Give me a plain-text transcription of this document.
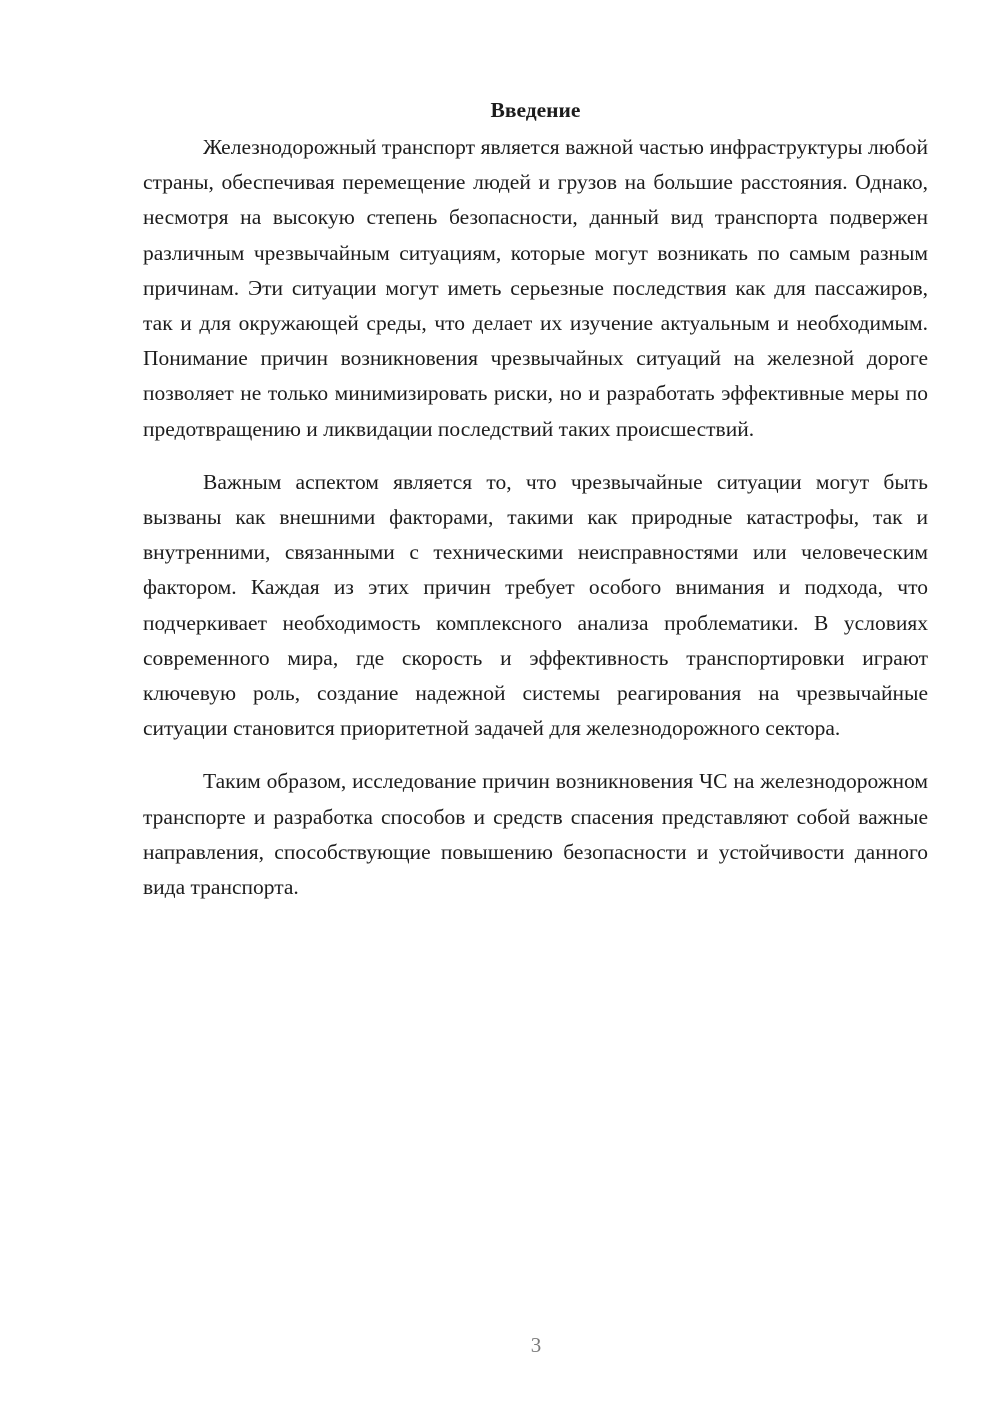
Введение

Железнодорожный транспорт является важной частью инфраструктуры любой страны, обеспечивая перемещение людей и грузов на большие расстояния. Однако, несмотря на высокую степень безопасности, данный вид транспорта подвержен различным чрезвычайным ситуациям, которые могут возникать по самым разным причинам. Эти ситуации могут иметь серьезные последствия как для пассажиров, так и для окружающей среды, что делает их изучение актуальным и необходимым. Понимание причин возникновения чрезвычайных ситуаций на железной дороге позволяет не только минимизировать риски, но и разработать эффективные меры по предотвращению и ликвидации последствий таких происшествий.

Важным аспектом является то, что чрезвычайные ситуации могут быть вызваны как внешними факторами, такими как природные катастрофы, так и внутренними, связанными с техническими неисправностями или человеческим фактором. Каждая из этих причин требует особого внимания и подхода, что подчеркивает необходимость комплексного анализа проблематики. В условиях современного мира, где скорость и эффективность транспортировки играют ключевую роль, создание надежной системы реагирования на чрезвычайные ситуации становится приоритетной задачей для железнодорожного сектора.

Таким образом, исследование причин возникновения ЧС на железнодорожном транспорте и разработка способов и средств спасения представляют собой важные направления, способствующие повышению безопасности и устойчивости данного вида транспорта.

3
